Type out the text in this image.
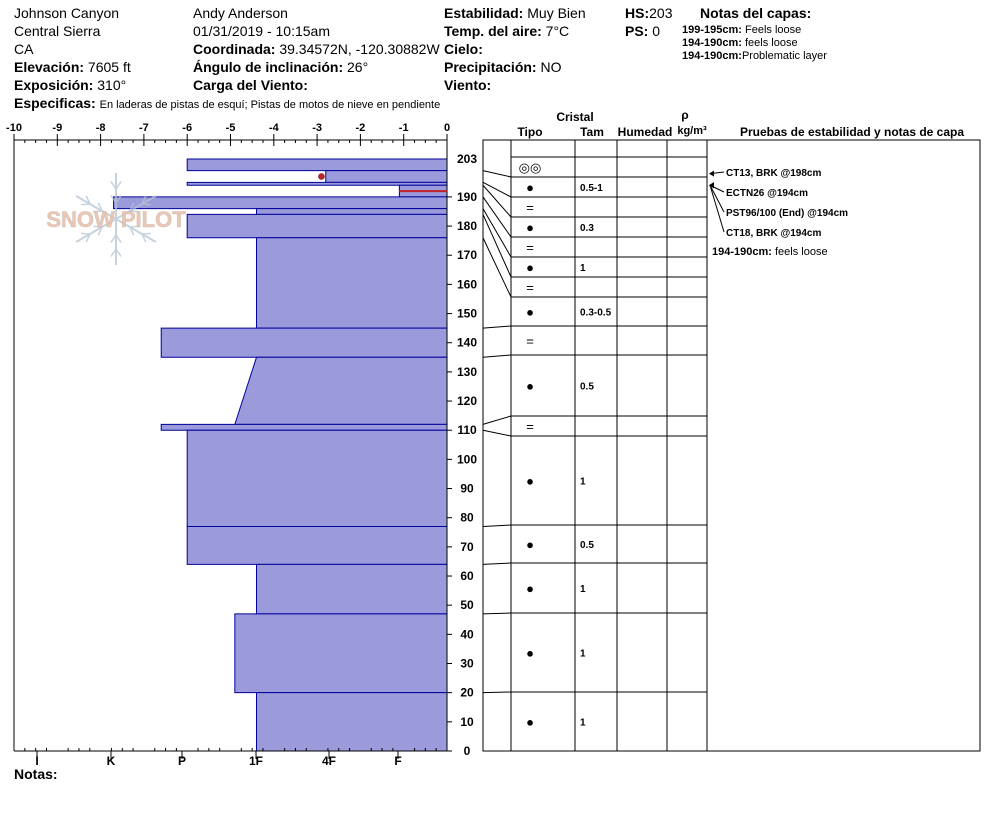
Johnson Canyon
Central Sierra
CA
Elevación: 7605 ft
Exposición: 310°
Especificas: En laderas de pistas de esquí; Pistas de motos de nieve en pendiente
Andy Anderson
01/31/2019 - 10:15am
Coordinada: 39.34572N, -120.30882W
Ángulo de inclinación: 26°
Carga del Viento:
Estabilidad: Muy Bien
Temp. del aire: 7°C
Cielo:
Precipitación: NO
Viento:
HS:203
PS: 0
Notas del capas:
199-195cm: Feels loose
194-190cm: feels loose
194-190cm:Problematic layer
Notas:
-10	-9	-8	-7	-6	-5	-4	-3	-2	-1	0
I	K	P	1F	4F	F
0
10
20
30
40
50
60
70
80
90
100
110
120
130
140
150
160
170
180
190
203
SNOW PILOT
Cristal
Tipo	Tam Humedad
ρ
kg/m³	Pruebas de estabilidad y notas de capa
◎◎
●	0.5-1
=
●	0.3
=
●	1
=
●	0.3-0.5
=
●	0.5
=
●	1
●	0.5
●	1
●	1
●	1
CT13, BRK @198cm
ECTN26 @194cm
PST96/100 (End) @194cm
CT18, BRK @194cm
194-190cm: feels loose
